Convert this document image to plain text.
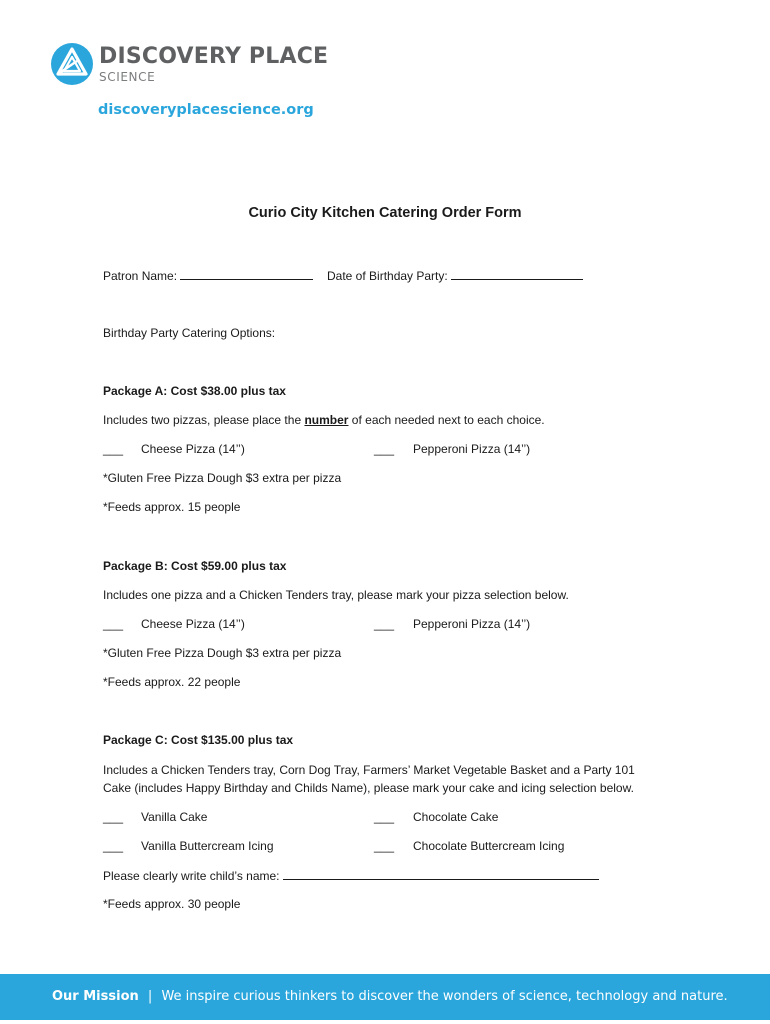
DISCOVERY PLACE
SCIENCE
discoveryplacescience.org
Curio City Kitchen Catering Order Form
Patron Name:	Date of Birthday Party:
Birthday Party Catering Options:
Package A: Cost $38.00 plus tax
Includes two pizzas, please place the number of each needed next to each choice.
___ Cheese Pizza (14’’)	___ Pepperoni Pizza (14’’)
*Gluten Free Pizza Dough $3 extra per pizza
*Feeds approx. 15 people
Package B: Cost $59.00 plus tax
Includes one pizza and a Chicken Tenders tray, please mark your pizza selection below.
___ Cheese Pizza (14’’)	___ Pepperoni Pizza (14’’)
*Gluten Free Pizza Dough $3 extra per pizza
*Feeds approx. 22 people
Package C: Cost $135.00 plus tax
Includes a Chicken Tenders tray, Corn Dog Tray, Farmers’ Market Vegetable Basket and a Party 101
Cake (includes Happy Birthday and Childs Name), please mark your cake and icing selection below.
___ Vanilla Cake	___ Chocolate Cake
___ Vanilla Buttercream Icing	___ Chocolate Buttercream Icing
Please clearly write child’s name:
*Feeds approx. 30 people
Our Mission | We inspire curious thinkers to discover the wonders of science, technology and nature.
